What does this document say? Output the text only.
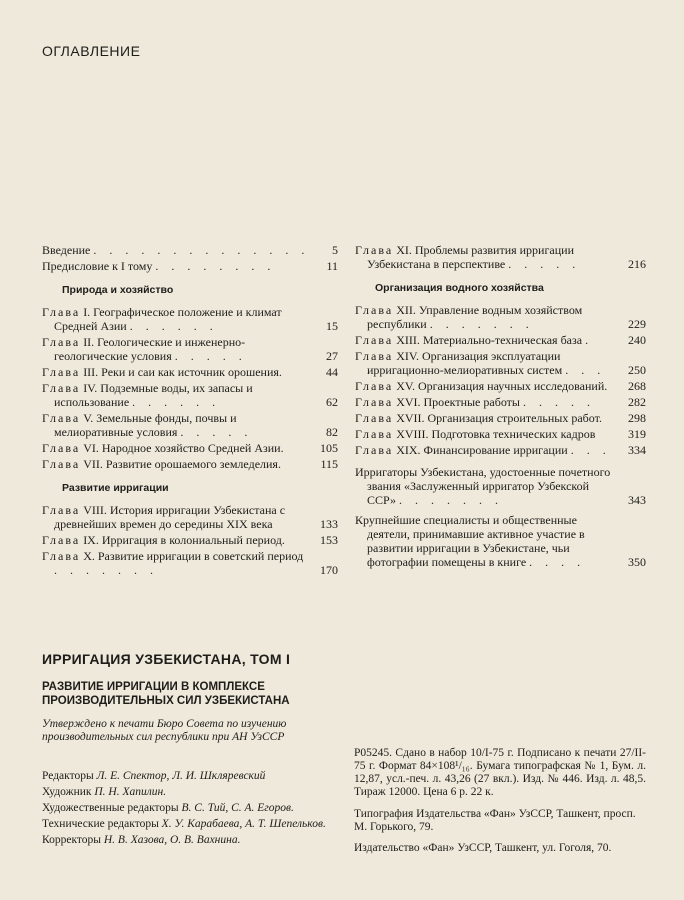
ОГЛАВЛЕНИЕ
Введение . . . . . . . . . . . . . .	5
Предисловие к I тому . . . . . . . .	11
Природа и хозяйство
Глава I. Географическое положение и климат Средней Азии . . . . . .	15
Глава II. Геологические и инженерно-геологические условия . . . . .	27
Глава III. Реки и саи как источник орошения.	44
Глава IV. Подземные воды, их запасы и использование . . . . . .	62
Глава V. Земельные фонды, почвы и мелиоративные условия . . . . .	82
Глава VI. Народное хозяйство Средней Азии.	105
Глава VII. Развитие орошаемого земледелия.	115
Развитие ирригации
Глава VIII. История ирригации Узбекистана с древнейших времен до середины XIX века	133
Глава IX. Ирригация в колониальный период.	153
Глава X. Развитие ирригации в советский период . . . . . . .	170
Глава XI. Проблемы развития ирригации Узбекистана в перспективе . . . . .	216
Организация водного хозяйства
Глава XII. Управление водным хозяйством республики . . . . . . .	229
Глава XIII. Материально-техническая база .	240
Глава XIV. Организация эксплуатации ирригационно-мелиоративных систем . . .	250
Глава XV. Организация научных исследований.	268
Глава XVI. Проектные работы . . . . .	282
Глава XVII. Организация строительных работ.	298
Глава XVIII. Подготовка технических кадров	319
Глава XIX. Финансирование ирригации . . .	334
Ирригаторы Узбекистана, удостоенные почетного звания «Заслуженный ирригатор Узбекской ССР» . . . . . . .	343
Крупнейшие специалисты и общественные деятели, принимавшие активное участие в развитии ирригации в Узбекистане, чьи фотографии помещены в книге . . . .	350
ИРРИГАЦИЯ УЗБЕКИСТАНА, ТОМ I
РАЗВИТИЕ ИРРИГАЦИИ В КОМПЛЕКСЕ
ПРОИЗВОДИТЕЛЬНЫХ СИЛ УЗБЕКИСТАНА
Утверждено к печати Бюро Совета по изучению производительных сил республики при АН УзССР
Редакторы Л. Е. Спектор, Л. И. Шкляревский
Художник П. Н. Хапилин.
Художественные редакторы В. С. Тий, С. А. Егоров.
Технические редакторы Х. У. Карабаева, А. Т. Шепельков.
Корректоры Н. В. Хазова, О. В. Вахнина.
Р05245. Сдано в набор 10/I-75 г. Подписано к печати 27/II-75 г. Формат 84×108¹/₁₆. Бумага типографская № 1, Бум. л. 12,87, усл.-печ. л. 43,26 (27 вкл.). Изд. № 446. Изд. л. 48,5. Тираж 12000. Цена 6 р. 22 к.
Типография Издательства «Фан» УзССР, Ташкент, просп. М. Горького, 79.
Издательство «Фан» УзССР, Ташкент, ул. Гоголя, 70.
